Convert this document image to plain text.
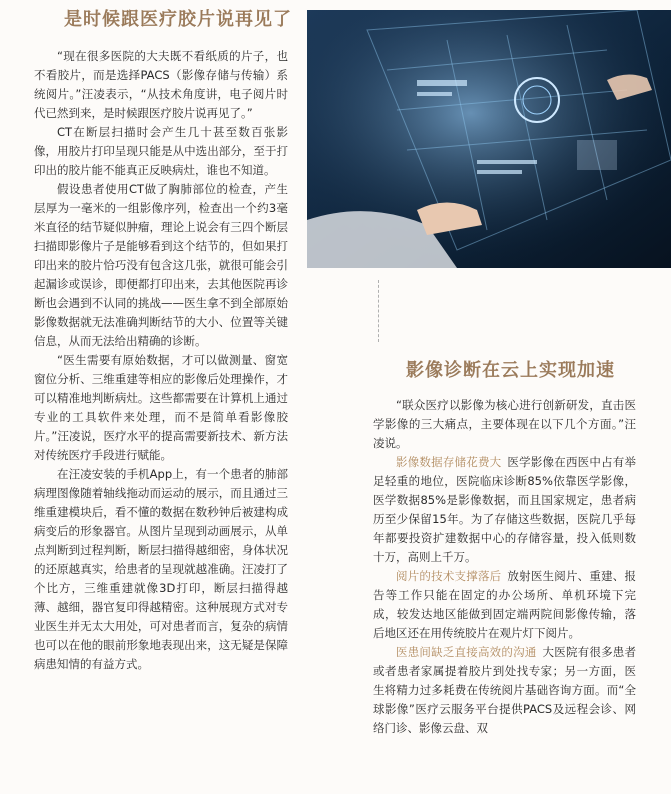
是时候跟医疗胶片说再见了

“现在很多医院的大夫既不看纸质的片子，也不看胶片，而是选择PACS（影像存储与传输）系统阅片。”汪凌表示，“从技术角度讲，电子阅片时代已然到来，是时候跟医疗胶片说再见了。”

CT在断层扫描时会产生几十甚至数百张影像，用胶片打印呈现只能是从中选出部分，至于打印出的胶片能不能真正反映病灶，谁也不知道。

假设患者使用CT做了胸肺部位的检查，产生层厚为一毫米的一组影像序列，检查出一个约3毫米直径的结节疑似肿瘤，理论上说会有三四个断层扫描即影像片子是能够看到这个结节的，但如果打印出来的胶片恰巧没有包含这几张，就很可能会引起漏诊或误诊，即便都打印出来，去其他医院再诊断也会遇到不认同的挑战——医生拿不到全部原始影像数据就无法准确判断结节的大小、位置等关键信息，从而无法给出精确的诊断。

“医生需要有原始数据，才可以做测量、窗宽窗位分析、三维重建等相应的影像后处理操作，才可以精准地判断病灶。这些都需要在计算机上通过专业的工具软件来处理，而不是简单看影像胶片。”汪凌说，医疗水平的提高需要新技术、新方法对传统医疗手段进行赋能。

在汪凌安装的手机App上，有一个患者的肺部病理图像随着轴线拖动而运动的展示，而且通过三维重建模块后，看不懂的数据在数秒钟后被建构成病变后的形象器官。从图片呈现到动画展示，从单点判断到过程判断，断层扫描得越细密，身体状况的还原越真实，给患者的呈现就越准确。汪凌打了个比方，三维重建就像3D打印，断层扫描得越薄、越细，器官复印得越精密。这种展现方式对专业医生并无太大用处，可对患者而言，复杂的病情也可以在他的眼前形象地表现出来，这无疑是保障病患知情的有益方式。

影像诊断在云上实现加速

“联众医疗以影像为核心进行创新研发，直击医学影像的三大痛点，主要体现在以下几个方面。”汪凌说。

影像数据存储花费大 医学影像在西医中占有举足轻重的地位，医院临床诊断85%依靠医学影像，医学数据85%是影像数据，而且国家规定，患者病历至少保留15年。为了存储这些数据，医院几乎每年都要投资扩建数据中心的存储容量，投入低则数十万，高则上千万。

阅片的技术支撑落后 放射医生阅片、重建、报告等工作只能在固定的办公场所、单机环境下完成，较发达地区能做到固定端两院间影像传输，落后地区还在用传统胶片在观片灯下阅片。

医患间缺乏直接高效的沟通 大医院有很多患者或者患者家属提着胶片到处找专家；另一方面，医生将精力过多耗费在传统阅片基础咨询方面。而“全球影像”医疗云服务平台提供PACS及远程会诊、网络门诊、影像云盘、双
